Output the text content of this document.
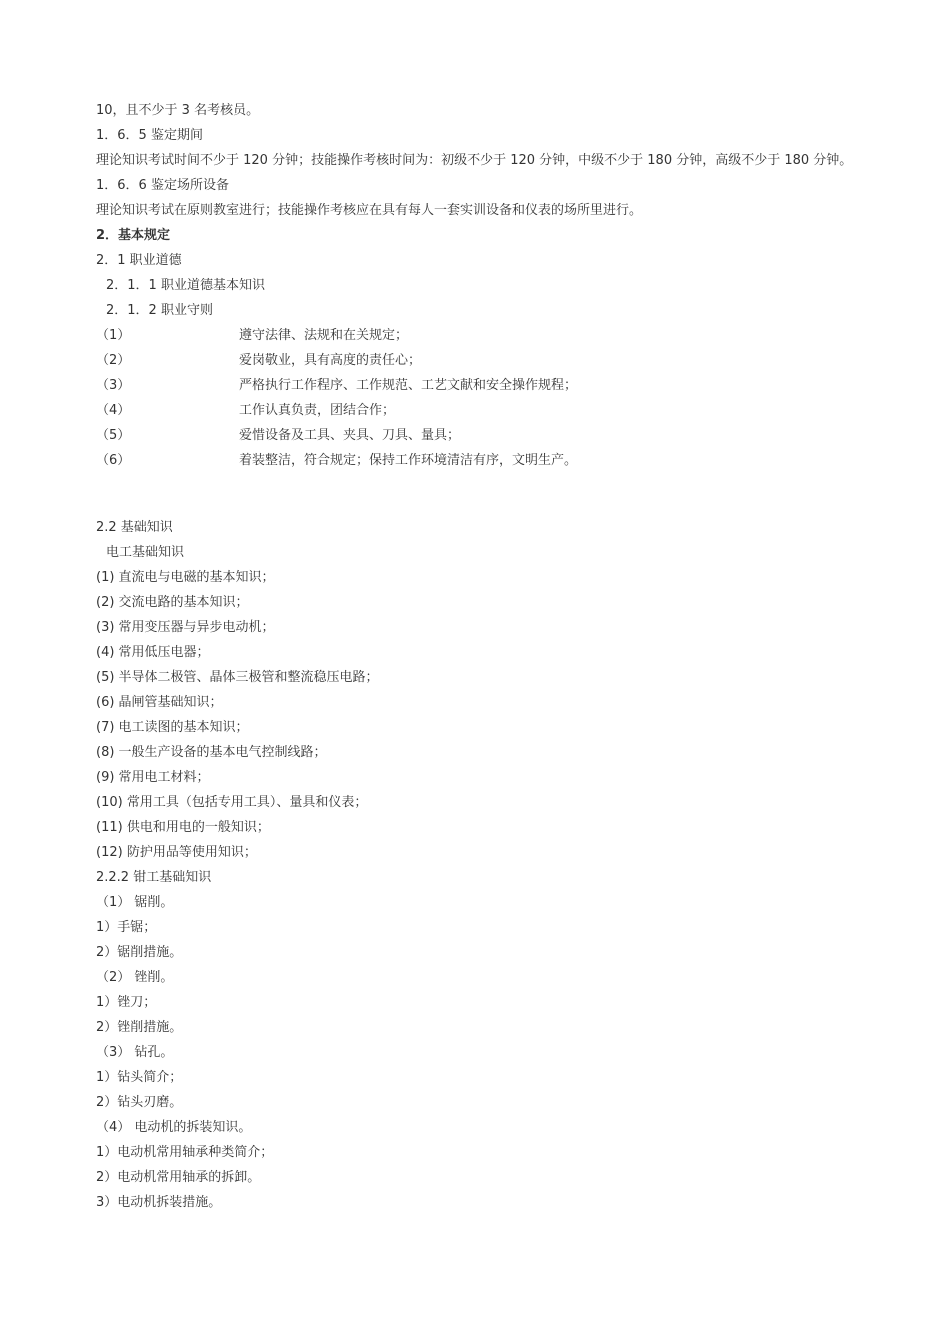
10，且不少于 3 名考核员。
1．6．5 鉴定期间
理论知识考试时间不少于 120 分钟；技能操作考核时间为：初级不少于 120 分钟，中级不少于 180 分钟，高级不少于 180 分钟。
1．6．6 鉴定场所设备
理论知识考试在原则教室进行；技能操作考核应在具有每人一套实训设备和仪表的场所里进行。
2．基本规定
2．1 职业道德
2．1．1 职业道德基本知识
2．1．2 职业守则
（1）	遵守法律、法规和在关规定；
（2）	爱岗敬业，具有高度的责任心；
（3）	严格执行工作程序、工作规范、工艺文献和安全操作规程；
（4）	工作认真负责，团结合作；
（5）	爱惜设备及工具、夹具、刀具、量具；
（6）	着装整洁，符合规定；保持工作环境清洁有序，文明生产。
2.2 基础知识
电工基础知识
(1) 直流电与电磁的基本知识；
(2) 交流电路的基本知识；
(3) 常用变压器与异步电动机；
(4) 常用低压电器；
(5) 半导体二极管、晶体三极管和整流稳压电路；
(6) 晶闸管基础知识；
(7) 电工读图的基本知识；
(8) 一般生产设备的基本电气控制线路；
(9) 常用电工材料；
(10) 常用工具（包括专用工具）、量具和仪表；
(11) 供电和用电的一般知识；
(12) 防护用品等使用知识；
2.2.2 钳工基础知识
（1） 锯削。
1）手锯；
2）锯削措施。
（2） 锉削。
1）锉刀；
2）锉削措施。
（3） 钻孔。
1）钻头简介；
2）钻头刃磨。
（4） 电动机的拆装知识。
1）电动机常用轴承种类简介；
2）电动机常用轴承的拆卸。
3）电动机拆装措施。
